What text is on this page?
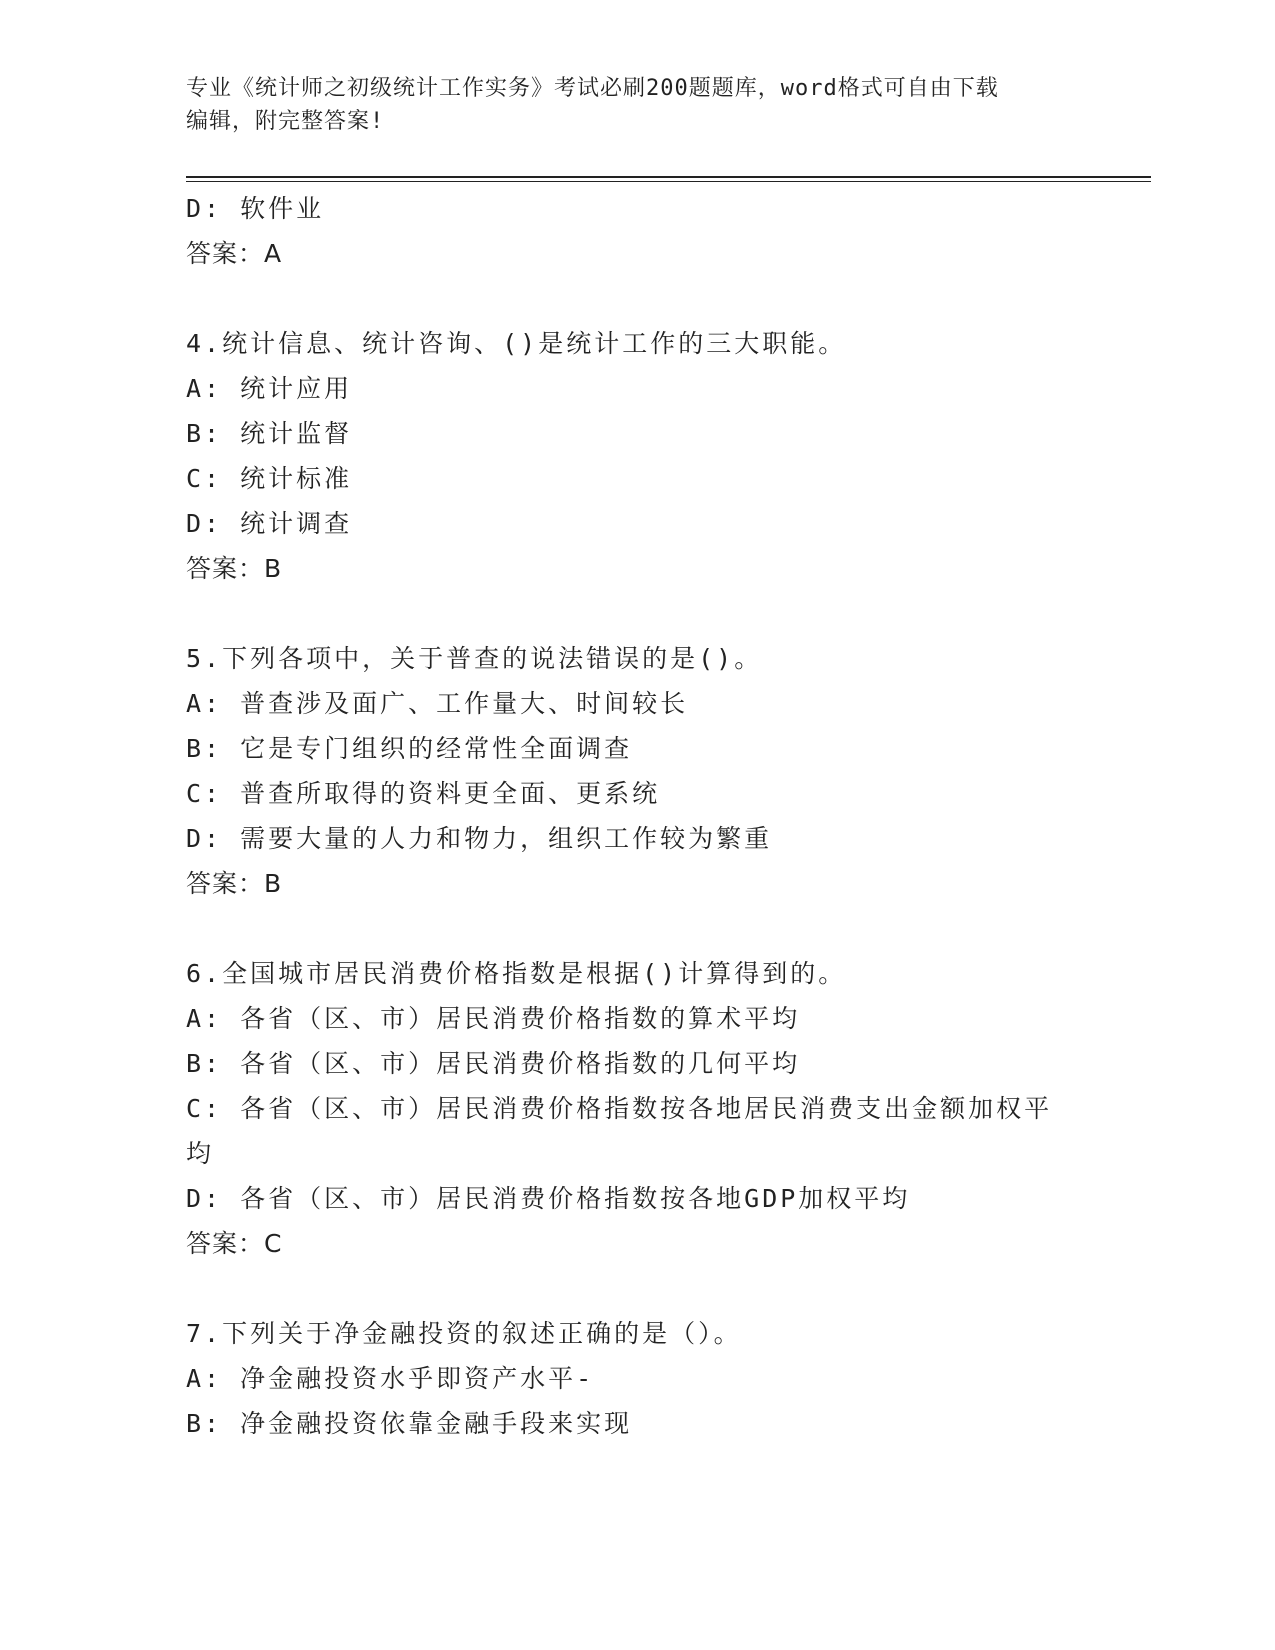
专业《统计师之初级统计工作实务》考试必刷200题题库，word格式可自由下载
编辑，附完整答案!
D: 软件业
答案：A
4.统计信息、统计咨询、()是统计工作的三大职能。
A: 统计应用
B: 统计监督
C: 统计标准
D: 统计调查
答案：B
5.下列各项中，关于普查的说法错误的是()。
A: 普查涉及面广、工作量大、时间较长
B: 它是专门组织的经常性全面调查
C: 普查所取得的资料更全面、更系统
D: 需要大量的人力和物力，组织工作较为繁重
答案：B
6.全国城市居民消费价格指数是根据()计算得到的。
A: 各省（区、市）居民消费价格指数的算术平均
B: 各省（区、市）居民消费价格指数的几何平均
C: 各省（区、市）居民消费价格指数按各地居民消费支出金额加权平均
D: 各省（区、市）居民消费价格指数按各地GDP加权平均
答案：C
7.下列关于净金融投资的叙述正确的是（）。
A: 净金融投资水乎即资产水平-
B: 净金融投资依靠金融手段来实现
